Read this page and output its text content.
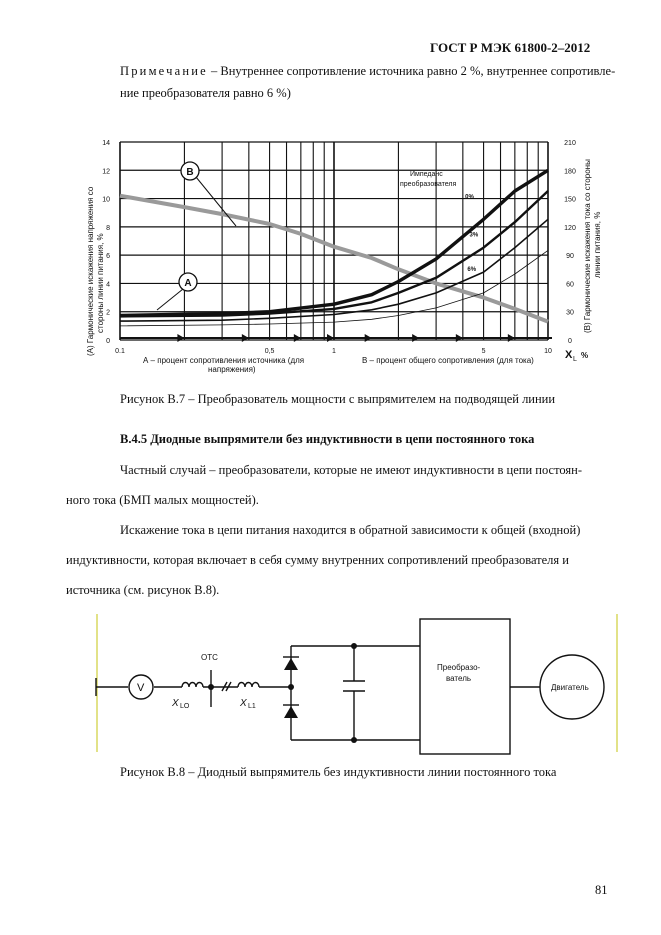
ГОСТ Р МЭК 61800-2–2012
Примечание – Внутреннее сопротивление источника равно 2 %, внутреннее сопротивле-
ние преобразователя равно 6 %)
0
2
4
6
8
10
12
14
0
30
60
90
120
150
180
210
0.1	0,5	1	5	10
0%
3%
6%
B
A
(А) Гармонические искажения напряжения со стороны линии питания, %	(В) Гармонические искажения тока со стороны линии питания, %
А – процент сопротивления источника (для
напряжения)
В – процент общего сопротивления (для тока)	X L %
Импеданс
преобразователя
Рисунок В.7 – Преобразователь мощности с выпрямителем на подводящей линии
В.4.5 Диодные выпрямители без индуктивности в цепи постоянного тока
Частный случай – преобразователи, которые не имеют индуктивности в цепи постоян-
ного тока (БМП малых мощностей).
Искажение тока в цепи питания находится в обратной зависимости к общей (входной)
индуктивности, которая включает в себя сумму внутренних сопротивлений преобразователя и
источника (см. рисунок В.8).
V
ОТС
X LO	X L1
Преобразо-
ватель
Двигатель
Рисунок В.8 – Диодный выпрямитель без индуктивности линии постоянного тока
81
